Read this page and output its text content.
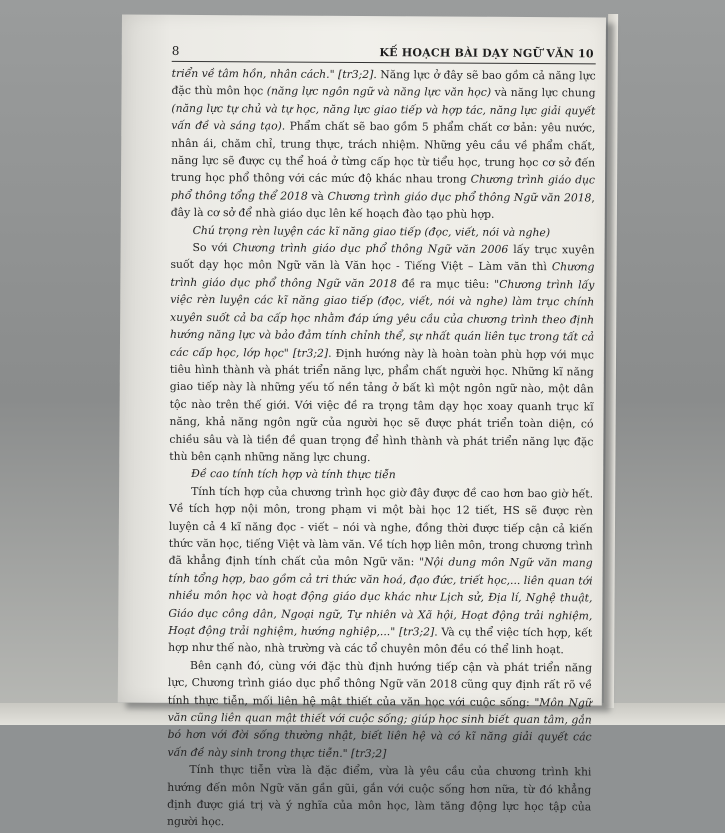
8	KẾ HOẠCH BÀI DẠY NGỮ VĂN 10

triển về tâm hồn, nhân cách." [tr3;2]. Năng lực ở đây sẽ bao gồm cả năng lực đặc thù môn học (năng lực ngôn ngữ và năng lực văn học) và năng lực chung (năng lực tự chủ và tự học, năng lực giao tiếp và hợp tác, năng lực giải quyết vấn đề và sáng tạo). Phẩm chất sẽ bao gồm 5 phẩm chất cơ bản: yêu nước, nhân ái, chăm chỉ, trung thực, trách nhiệm. Những yêu cầu về phẩm chất, năng lực sẽ được cụ thể hoá ở từng cấp học từ tiểu học, trung học cơ sở đến trung học phổ thông với các mức độ khác nhau trong Chương trình giáo dục phổ thông tổng thể 2018 và Chương trình giáo dục phổ thông Ngữ văn 2018, đây là cơ sở để nhà giáo dục lên kế hoạch đào tạo phù hợp.

Chú trọng rèn luyện các kĩ năng giao tiếp (đọc, viết, nói và nghe)

So với Chương trình giáo dục phổ thông Ngữ văn 2006 lấy trục xuyên suốt dạy học môn Ngữ văn là Văn học - Tiếng Việt – Làm văn thì Chương trình giáo dục phổ thông Ngữ văn 2018 đề ra mục tiêu: "Chương trình lấy việc rèn luyện các kĩ năng giao tiếp (đọc, viết, nói và nghe) làm trục chính xuyên suốt cả ba cấp học nhằm đáp ứng yêu cầu của chương trình theo định hướng năng lực và bảo đảm tính chỉnh thể, sự nhất quán liên tục trong tất cả các cấp học, lớp học" [tr3;2]. Định hướng này là hoàn toàn phù hợp với mục tiêu hình thành và phát triển năng lực, phẩm chất người học. Những kĩ năng giao tiếp này là những yếu tố nền tảng ở bất kì một ngôn ngữ nào, một dân tộc nào trên thế giới. Với việc đề ra trọng tâm dạy học xoay quanh trục kĩ năng, khả năng ngôn ngữ của người học sẽ được phát triển toàn diện, có chiều sâu và là tiền đề quan trọng để hình thành và phát triển năng lực đặc thù bên cạnh những năng lực chung.

Đề cao tính tích hợp và tính thực tiễn

Tính tích hợp của chương trình học giờ đây được đề cao hơn bao giờ hết. Về tích hợp nội môn, trong phạm vi một bài học 12 tiết, HS sẽ được rèn luyện cả 4 kĩ năng đọc - viết – nói và nghe, đồng thời được tiếp cận cả kiến thức văn học, tiếng Việt và làm văn. Về tích hợp liên môn, trong chương trình đã khẳng định tính chất của môn Ngữ văn: "Nội dung môn Ngữ văn mang tính tổng hợp, bao gồm cả tri thức văn hoá, đạo đức, triết học,... liên quan tới nhiều môn học và hoạt động giáo dục khác như Lịch sử, Địa lí, Nghệ thuật, Giáo dục công dân, Ngoại ngữ, Tự nhiên và Xã hội, Hoạt động trải nghiệm, Hoạt động trải nghiệm, hướng nghiệp,..." [tr3;2]. Và cụ thể việc tích hợp, kết hợp như thế nào, nhà trường và các tổ chuyên môn đều có thể linh hoạt.

Bên cạnh đó, cùng với đặc thù định hướng tiếp cận và phát triển năng lực, Chương trình giáo dục phổ thông Ngữ văn 2018 cũng quy định rất rõ về tính thực tiễn, mối liên hệ mật thiết của văn học với cuộc sống: "Môn Ngữ văn cũng liên quan mật thiết với cuộc sống; giúp học sinh biết quan tâm, gắn bó hơn với đời sống thường nhật, biết liên hệ và có kĩ năng giải quyết các vấn đề này sinh trong thực tiễn." [tr3;2]

Tính thực tiễn vừa là đặc điểm, vừa là yêu cầu của chương trình khi hướng đến môn Ngữ văn gần gũi, gắn với cuộc sống hơn nữa, từ đó khẳng định được giá trị và ý nghĩa của môn học, làm tăng động lực học tập của người học.
